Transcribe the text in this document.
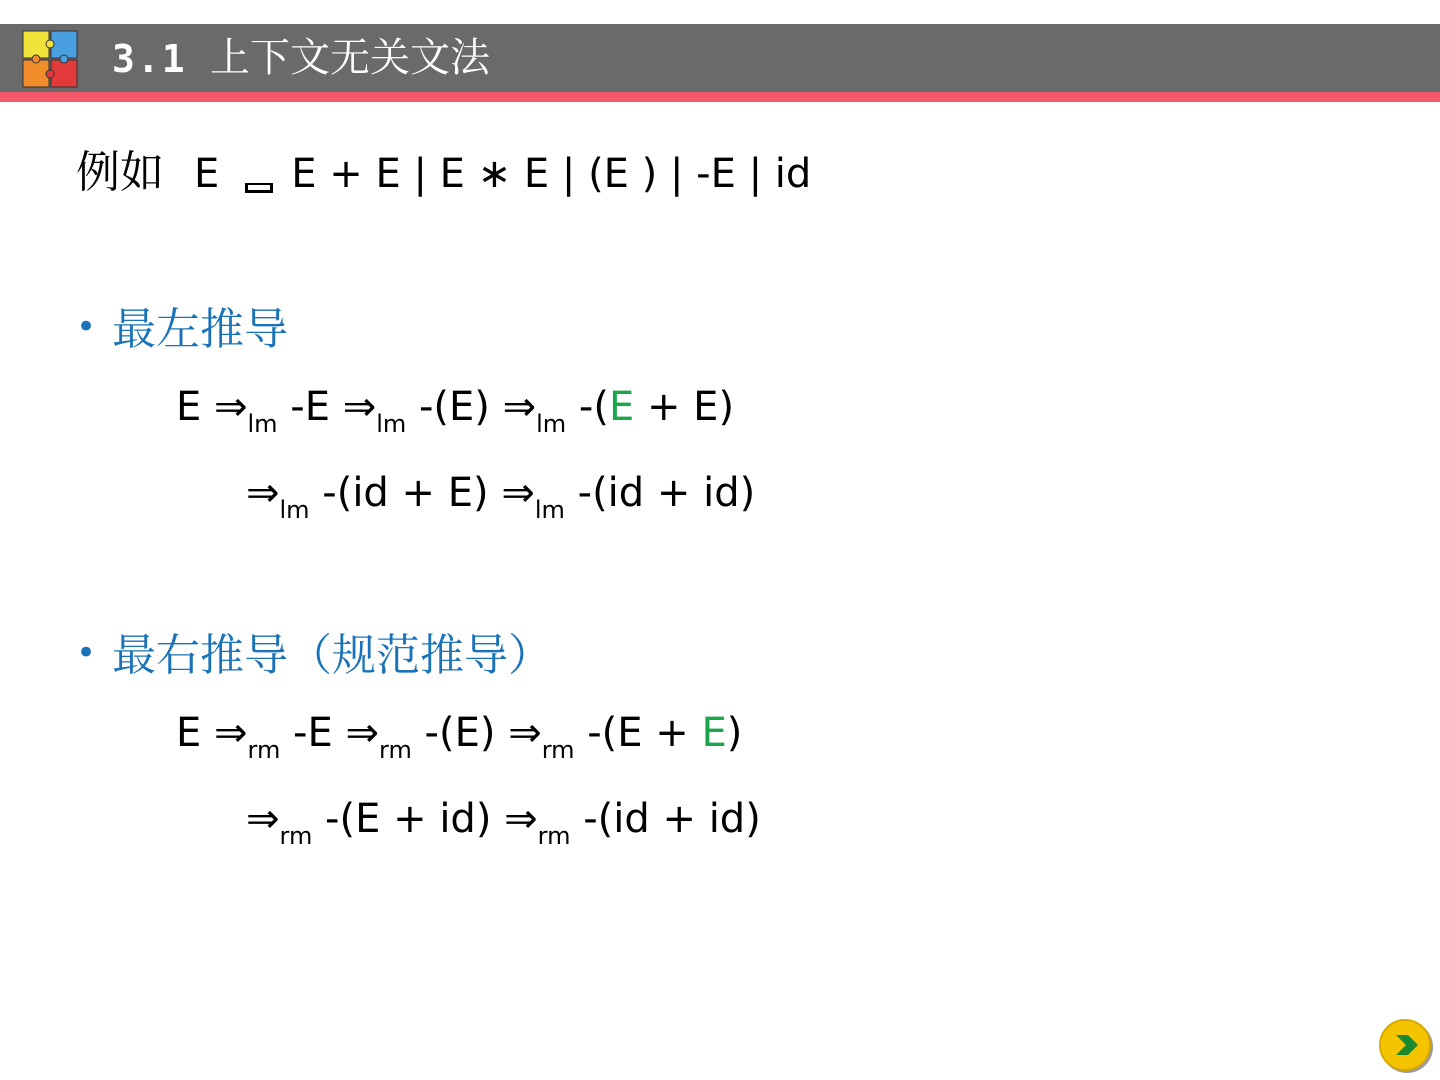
3.1 上下文无关文法
例如 E E + E | E ∗ E | (E ) | -E | id
• 最左推导
E $\Rightarrow_{lm}$ -E $\Rightarrow_{lm}$ -(E) $\Rightarrow_{lm}$ -(E + E)
$\Rightarrow_{lm}$ -(id + E) $\Rightarrow_{lm}$ -(id + id)
• 最右推导（规范推导）
E $\Rightarrow_{rm}$ -E $\Rightarrow_{rm}$ -(E) $\Rightarrow_{rm}$ -(E + E)
$\Rightarrow_{rm}$ -(E + id) $\Rightarrow_{rm}$ -(id + id)
